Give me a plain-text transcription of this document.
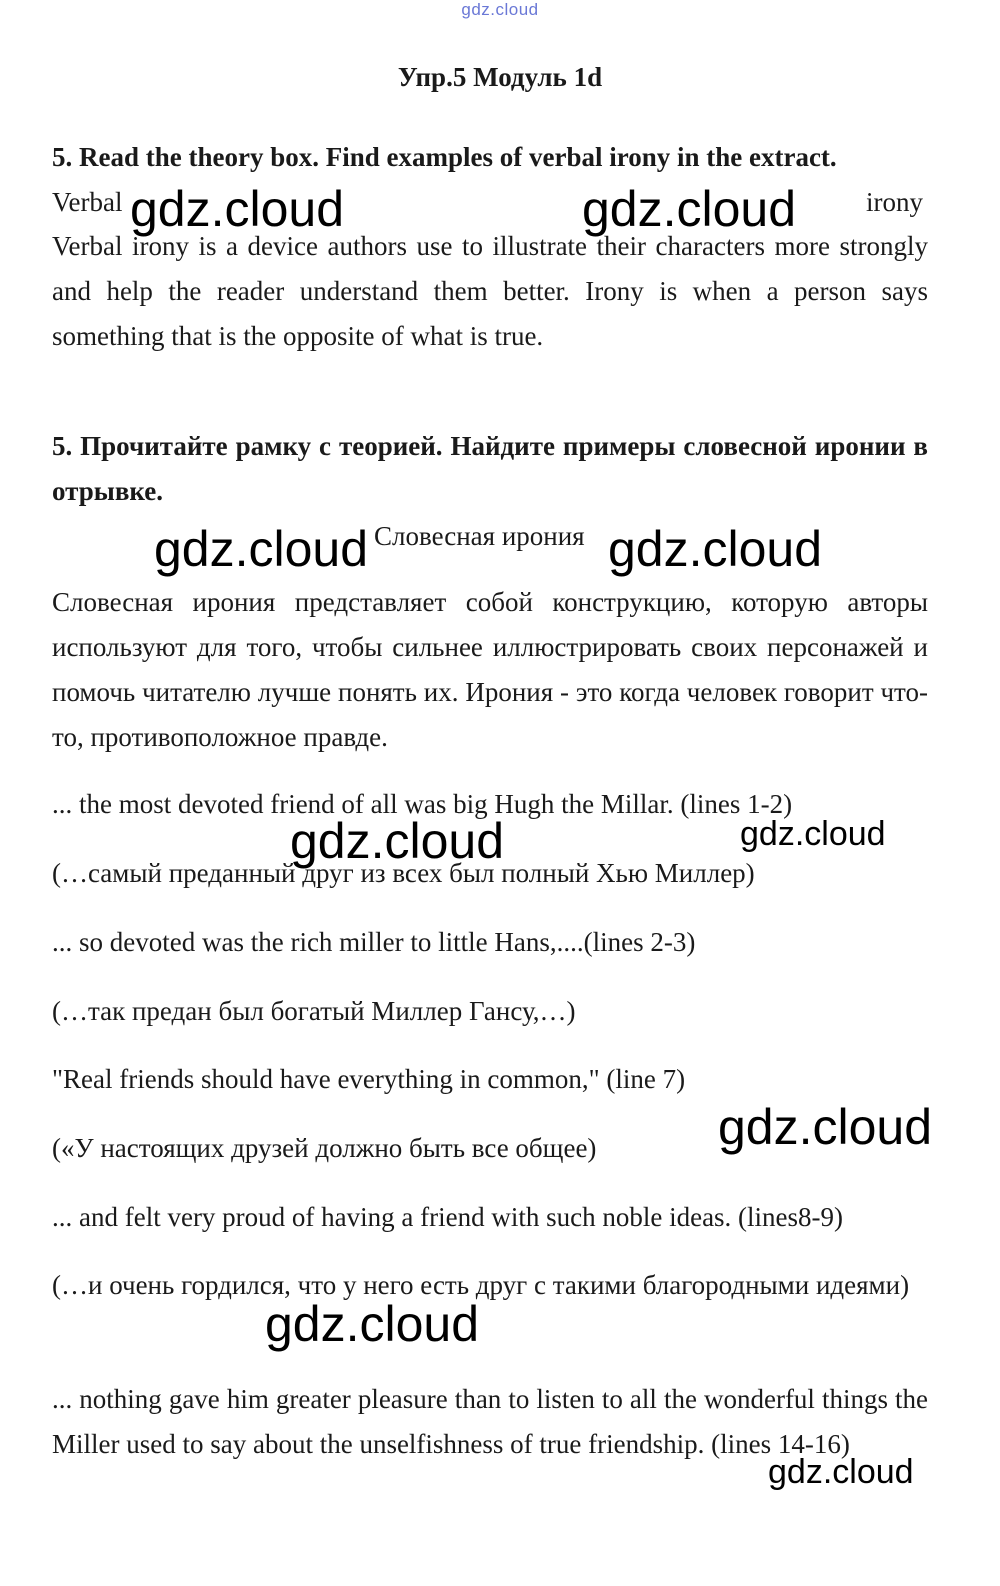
gdz.cloud
Упр.5 Модуль 1d
5. Read the theory box. Find examples of verbal irony in the extract.
Verbal	irony
Verbal irony is a device authors use to illustrate their characters more strongly and help the reader understand them better. Irony is when a person says something that is the opposite of what is true.
5. Прочитайте рамку с теорией. Найдите примеры словесной иронии в отрывке.
Словесная ирония
Словесная ирония представляет собой конструкцию, которую авторы используют для того, чтобы сильнее иллюстрировать своих персонажей и помочь читателю лучше понять их. Ирония - это когда человек говорит что-то, противоположное правде.
... the most devoted friend of all was big Hugh the Millar. (lines 1-2)
(…самый преданный друг из всех был полный Хью Миллер)
... so devoted was the rich miller to little Hans,....(lines 2-3)
(…так предан был богатый Миллер Гансу,…)
"Real friends should have everything in common," (line 7)
(«У настоящих друзей должно быть все общее)
... and felt very proud of having a friend with such noble ideas. (lines8-9)
(…и очень гордился, что у него есть друг с такими благородными идеями)
... nothing gave him greater pleasure than to listen to all the wonderful things the Miller used to say about the unselfishness of true friendship. (lines 14-16)
gdz.cloud	gdz.cloud
gdz.cloud	gdz.cloud
gdz.cloud	gdz.cloud
gdz.cloud
gdz.cloud
gdz.cloud
